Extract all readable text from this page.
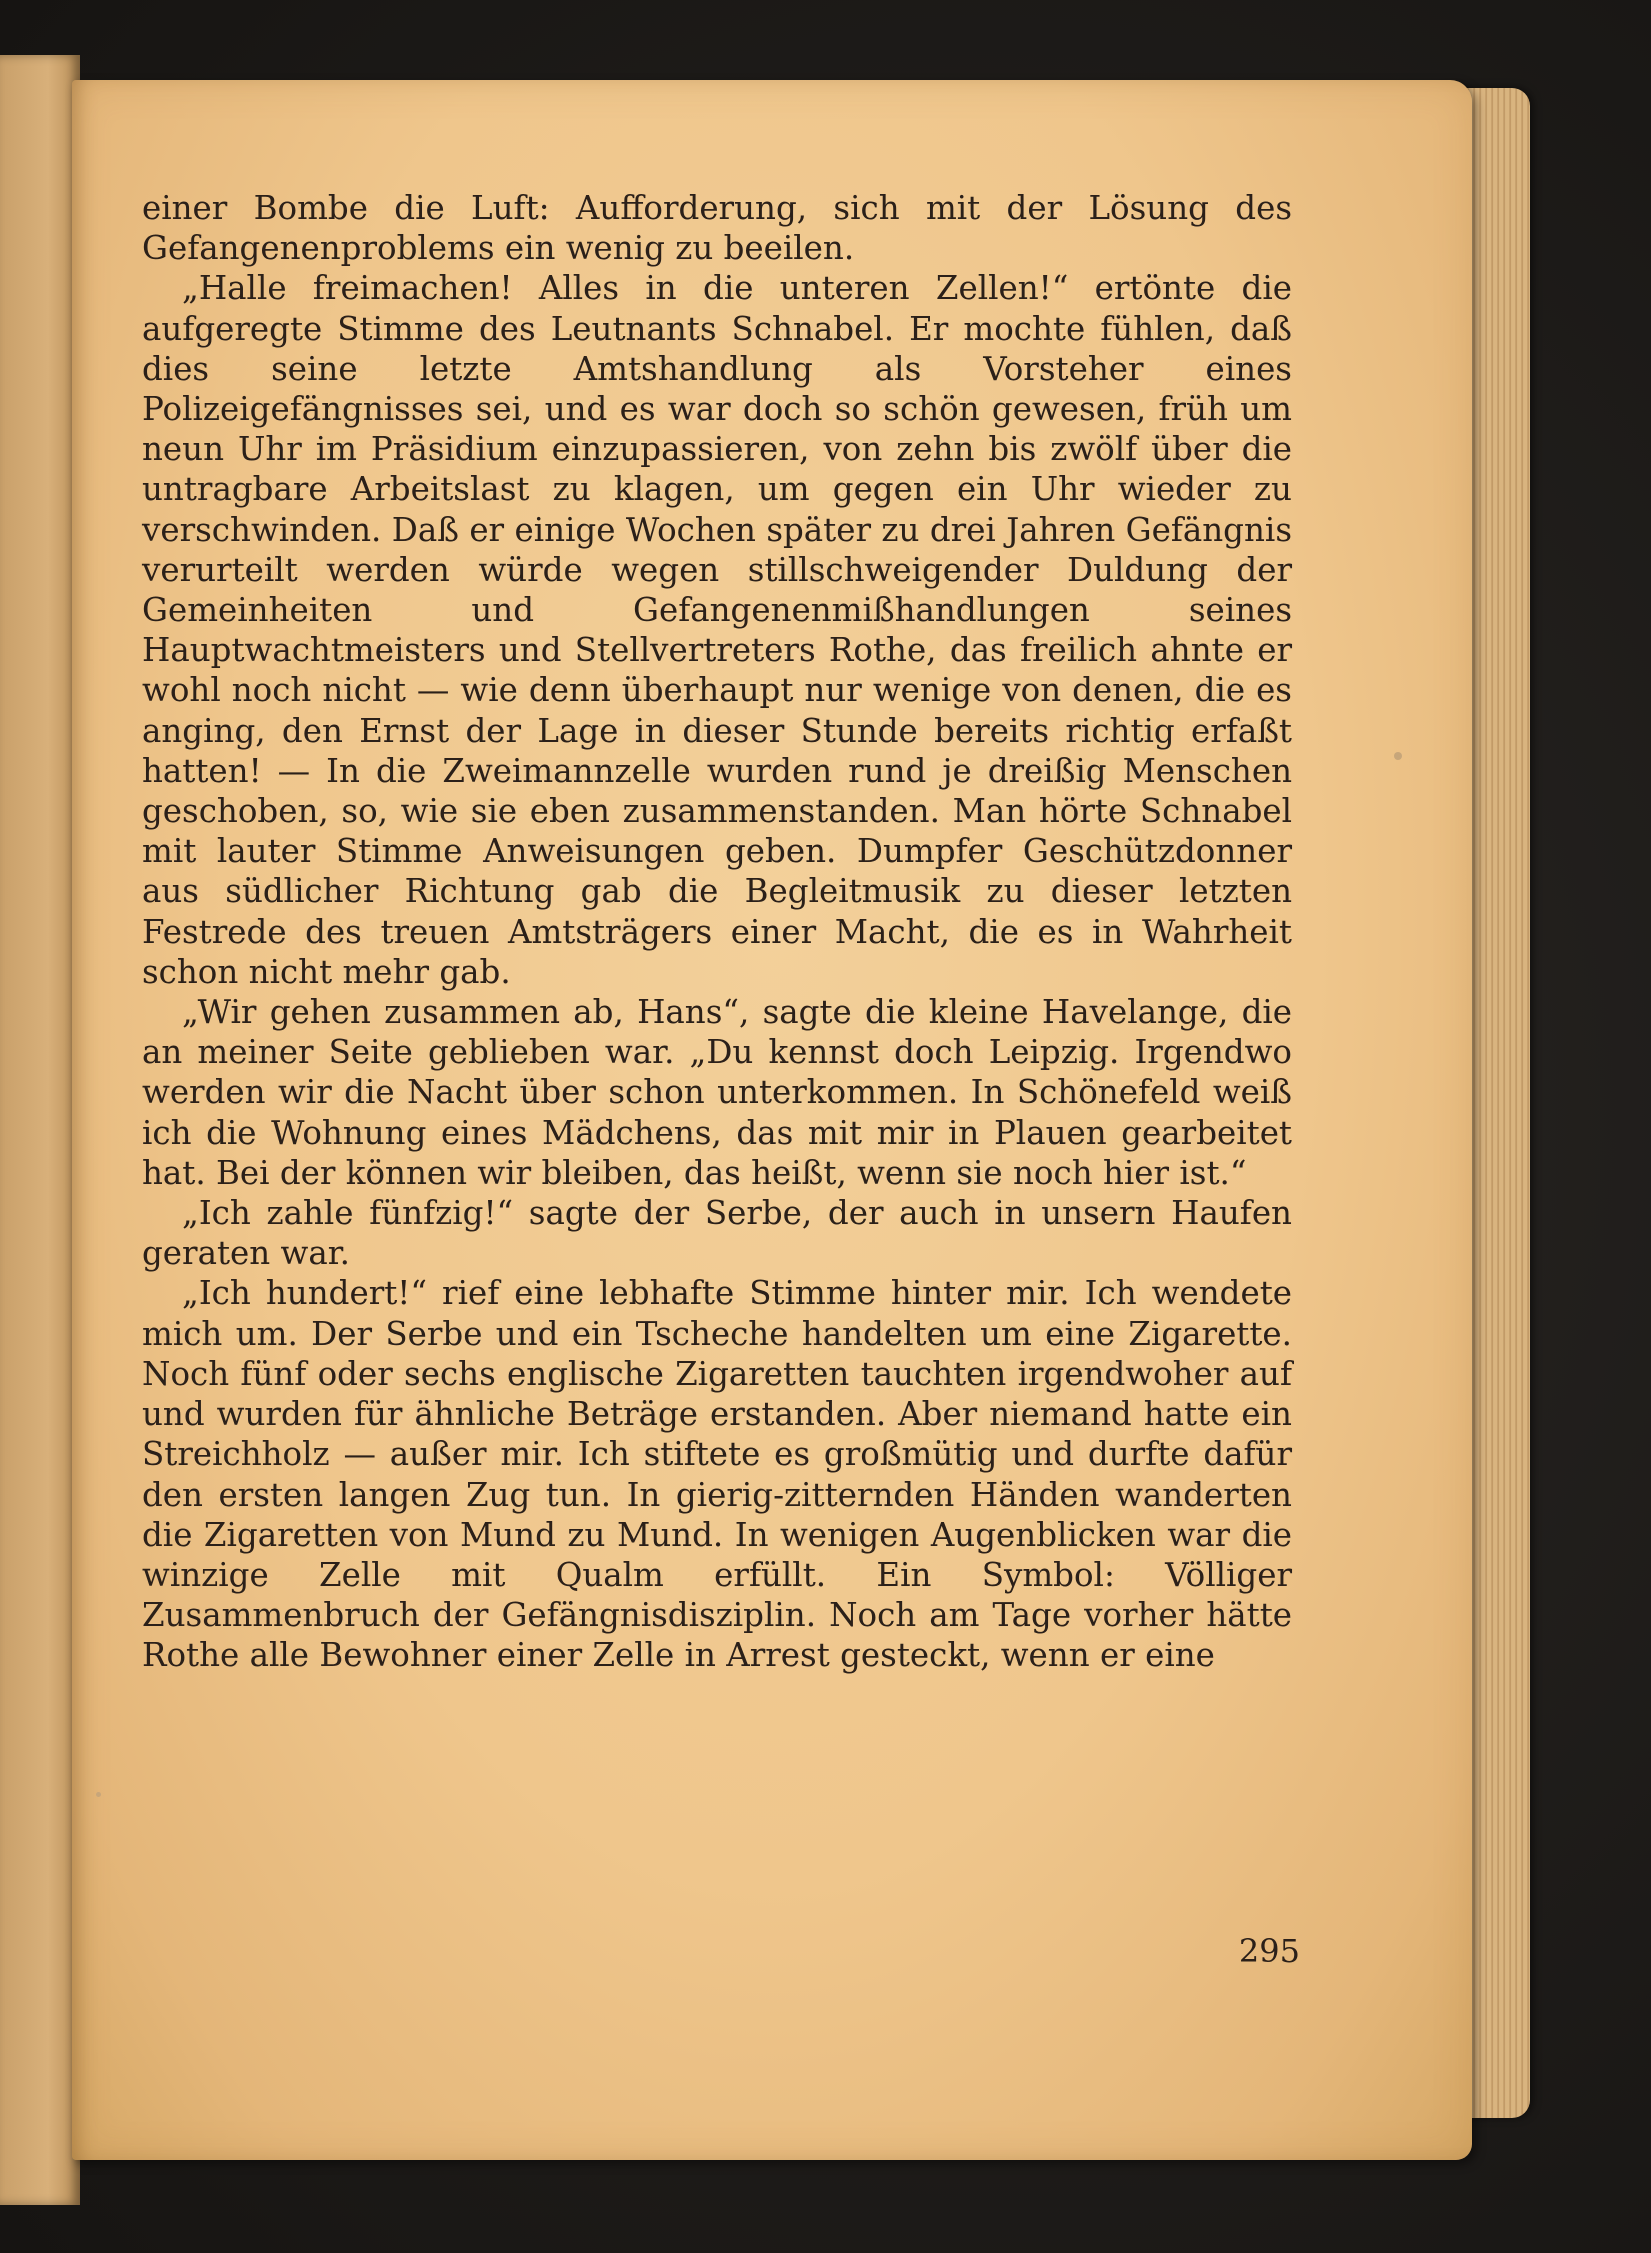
einer Bombe die Luft: Aufforderung, sich mit der Lösung des Gefangenenproblems ein wenig zu beeilen.

„Halle freimachen! Alles in die unteren Zellen!“ ertönte die aufgeregte Stimme des Leutnants Schnabel. Er mochte fühlen, daß dies seine letzte Amtshandlung als Vorsteher eines Polizeigefängnisses sei, und es war doch so schön gewesen, früh um neun Uhr im Präsidium einzupassieren, von zehn bis zwölf über die untragbare Arbeitslast zu klagen, um gegen ein Uhr wieder zu verschwinden. Daß er einige Wochen später zu drei Jahren Gefängnis verurteilt werden würde wegen stillschweigender Duldung der Gemeinheiten und Gefangenenmißhandlungen seines Hauptwachtmeisters und Stellvertreters Rothe, das freilich ahnte er wohl noch nicht — wie denn überhaupt nur wenige von denen, die es anging, den Ernst der Lage in dieser Stunde bereits richtig erfaßt hatten! — In die Zweimannzelle wurden rund je dreißig Menschen geschoben, so, wie sie eben zusammenstanden. Man hörte Schnabel mit lauter Stimme Anweisungen geben. Dumpfer Geschützdonner aus südlicher Richtung gab die Begleitmusik zu dieser letzten Festrede des treuen Amtsträgers einer Macht, die es in Wahrheit schon nicht mehr gab.

„Wir gehen zusammen ab, Hans“, sagte die kleine Havelange, die an meiner Seite geblieben war. „Du kennst doch Leipzig. Irgendwo werden wir die Nacht über schon unterkommen. In Schönefeld weiß ich die Wohnung eines Mädchens, das mit mir in Plauen gearbeitet hat. Bei der können wir bleiben, das heißt, wenn sie noch hier ist.“

„Ich zahle fünfzig!“ sagte der Serbe, der auch in unsern Haufen geraten war.

„Ich hundert!“ rief eine lebhafte Stimme hinter mir. Ich wendete mich um. Der Serbe und ein Tscheche handelten um eine Zigarette. Noch fünf oder sechs englische Zigaretten tauchten irgendwoher auf und wurden für ähnliche Beträge erstanden. Aber niemand hatte ein Streichholz — außer mir. Ich stiftete es großmütig und durfte dafür den ersten langen Zug tun. In gierig-zitternden Händen wanderten die Zigaretten von Mund zu Mund. In wenigen Augenblicken war die winzige Zelle mit Qualm erfüllt. Ein Symbol: Völliger Zusammenbruch der Gefängnisdisziplin. Noch am Tage vorher hätte Rothe alle Bewohner einer Zelle in Arrest gesteckt, wenn er eine

295
